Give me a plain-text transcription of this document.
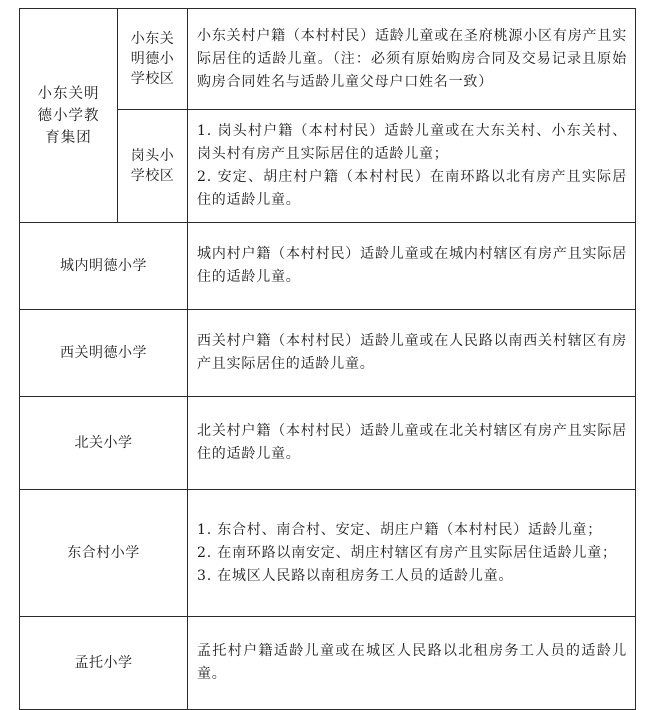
小东关明德小学教育集团	小东关明德小学校区	小东关村户籍（本村村民）适龄儿童或在圣府桃源小区有房产且实际居住的适龄儿童。（注：必须有原始购房合同及交易记录且原始购房合同姓名与适龄儿童父母户口姓名一致）
	岗头小学校区	1. 岗头村户籍（本村村民）适龄儿童或在大东关村、小东关村、岗头村有房产且实际居住的适龄儿童；
2. 安定、胡庄村户籍（本村村民）在南环路以北有房产且实际居住的适龄儿童。

城内明德小学		城内村户籍（本村村民）适龄儿童或在城内村辖区有房产且实际居住的适龄儿童。
西关明德小学		西关村户籍（本村村民）适龄儿童或在人民路以南西关村辖区有房产且实际居住的适龄儿童。
北关小学		北关村户籍（本村村民）适龄儿童或在北关村辖区有房产且实际居住的适龄儿童。
东合村小学		1. 东合村、南合村、安定、胡庄户籍（本村村民）适龄儿童；
2. 在南环路以南安定、胡庄村辖区有房产且实际居住适龄儿童；
3. 在城区人民路以南租房务工人员的适龄儿童。

孟托小学		孟托村户籍适龄儿童或在城区人民路以北租房务工人员的适龄儿童。
